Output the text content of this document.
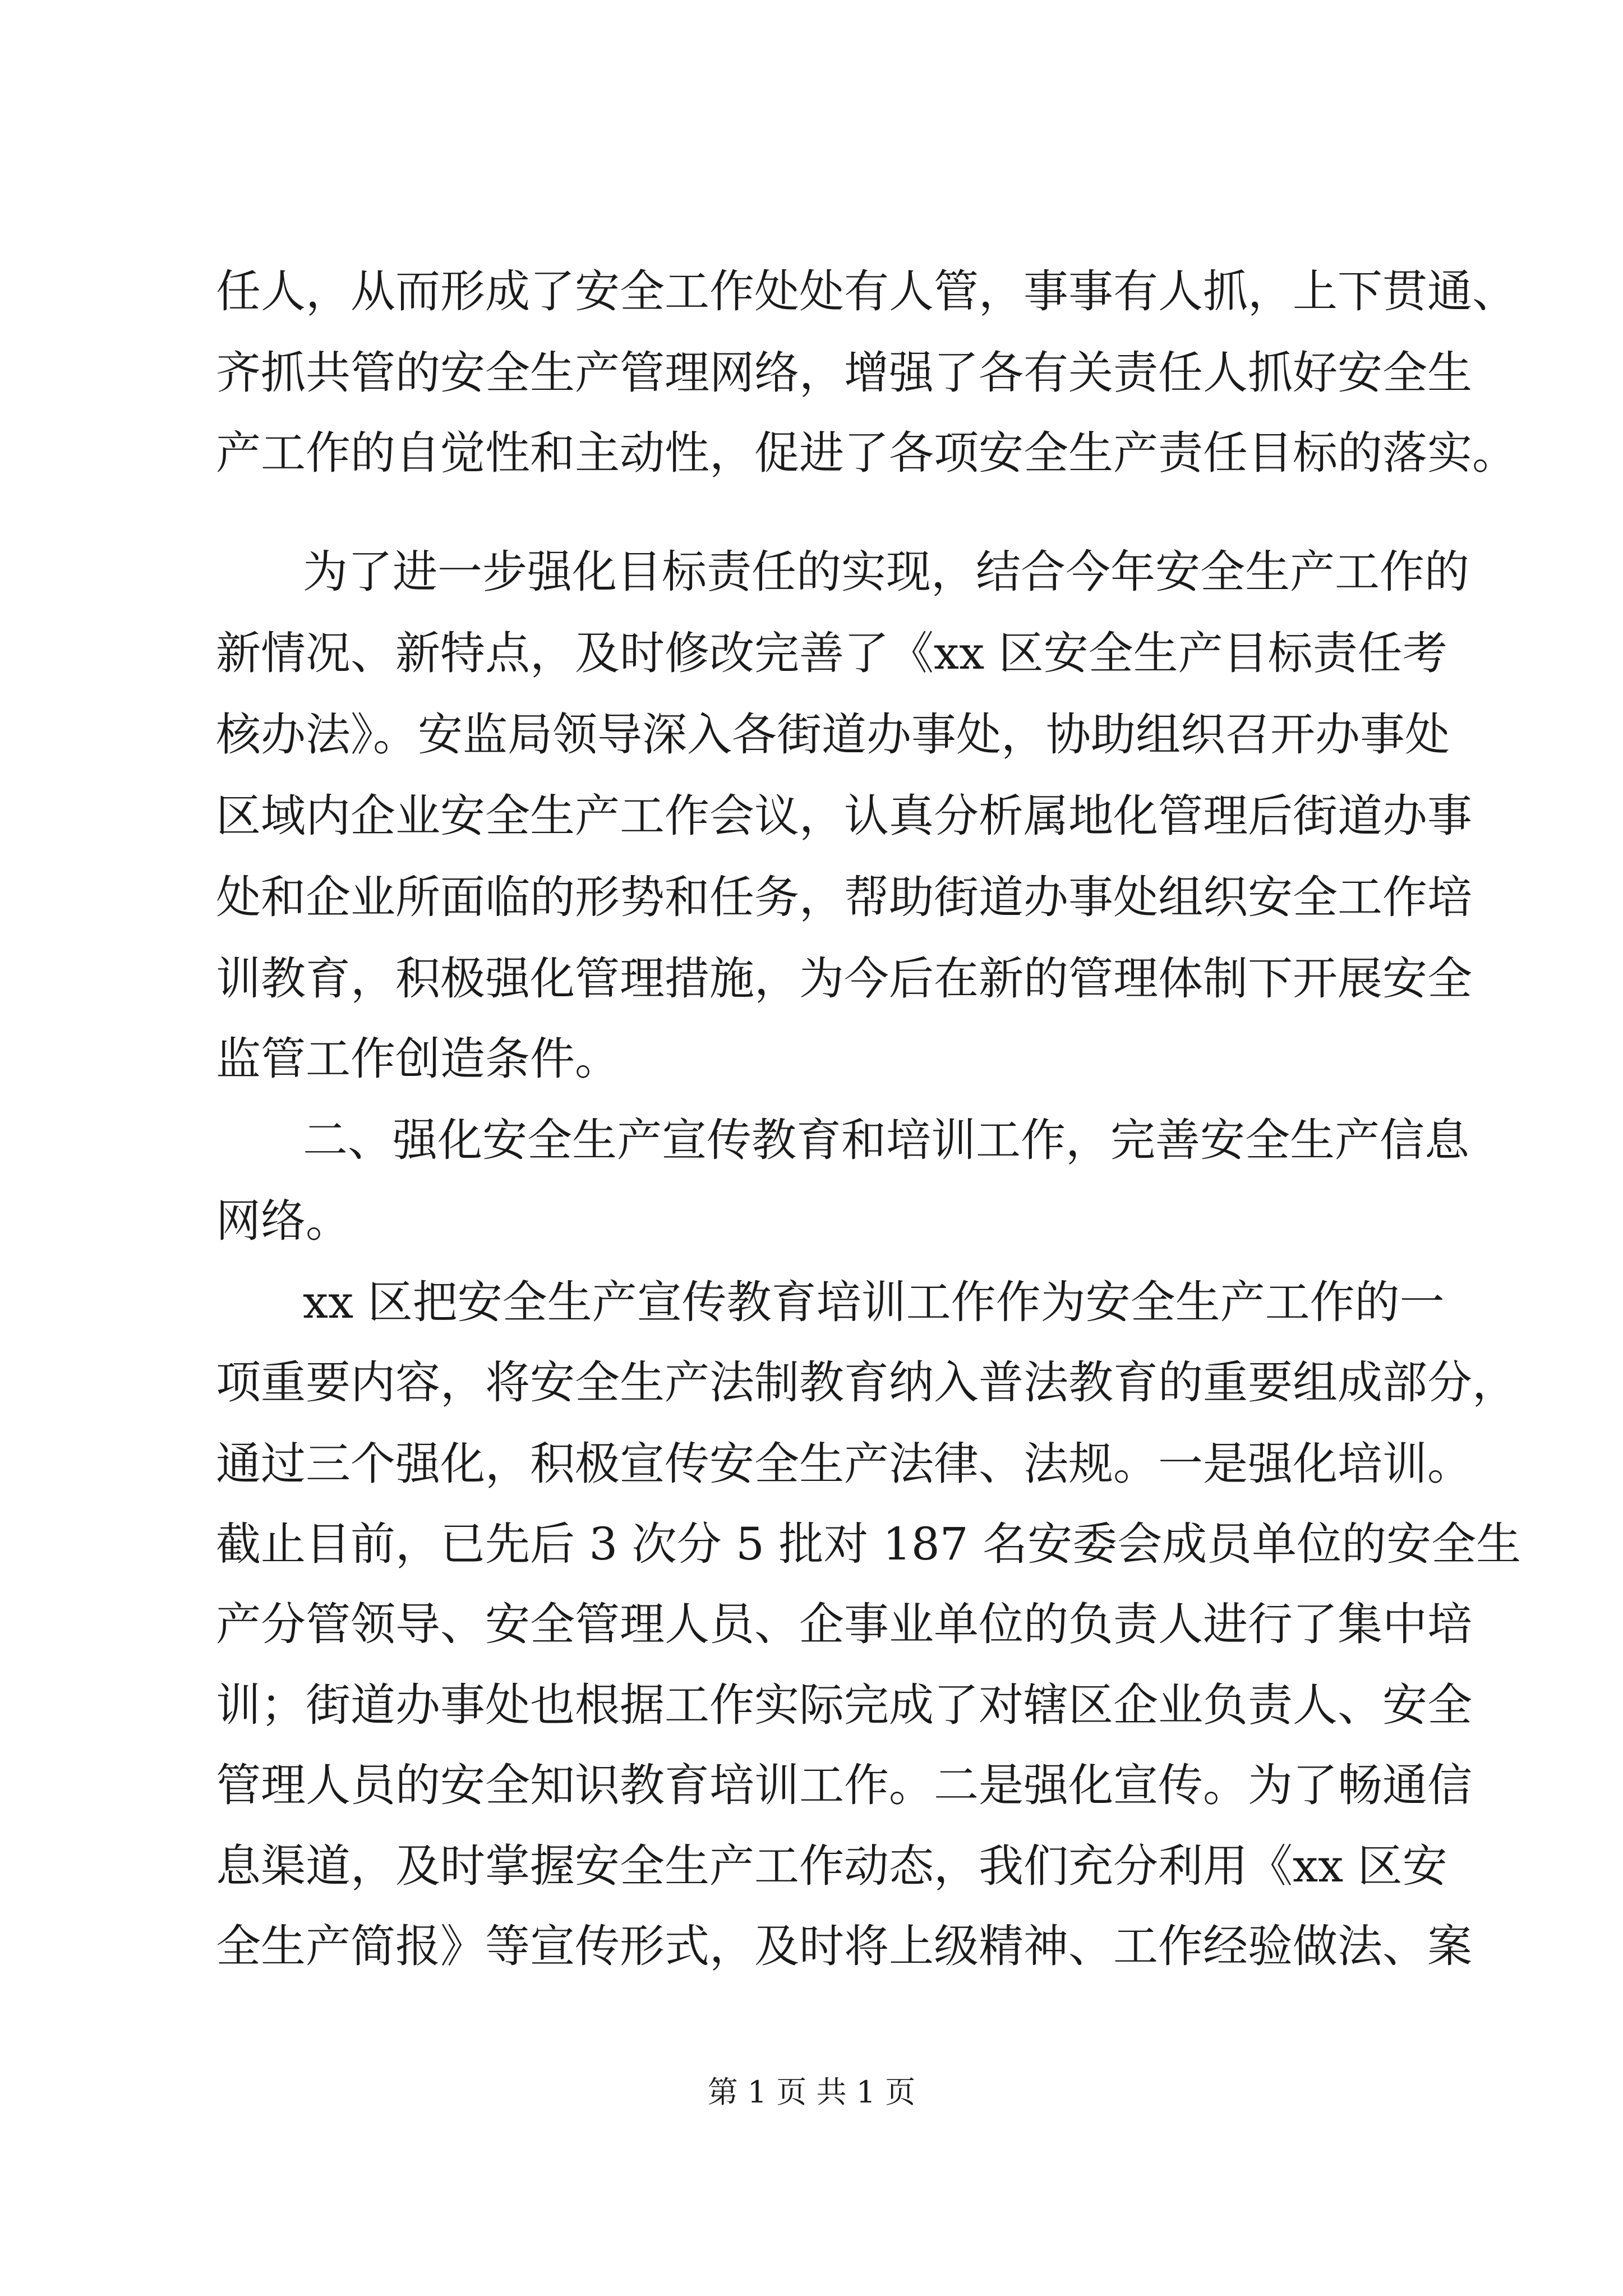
任人，从而形成了安全工作处处有人管，事事有人抓，上下贯通、
齐抓共管的安全生产管理网络，增强了各有关责任人抓好安全生
产工作的自觉性和主动性，促进了各项安全生产责任目标的落实。
为了进一步强化目标责任的实现，结合今年安全生产工作的
新情况、新特点，及时修改完善了《xx 区安全生产目标责任考
核办法》。安监局领导深入各街道办事处，协助组织召开办事处
区域内企业安全生产工作会议，认真分析属地化管理后街道办事
处和企业所面临的形势和任务，帮助街道办事处组织安全工作培
训教育，积极强化管理措施，为今后在新的管理体制下开展安全
监管工作创造条件。
二、强化安全生产宣传教育和培训工作，完善安全生产信息
网络。
xx 区把安全生产宣传教育培训工作作为安全生产工作的一
项重要内容，将安全生产法制教育纳入普法教育的重要组成部分，
通过三个强化，积极宣传安全生产法律、法规。一是强化培训。
截止目前，已先后 3 次分 5 批对 187 名安委会成员单位的安全生
产分管领导、安全管理人员、企事业单位的负责人进行了集中培
训；街道办事处也根据工作实际完成了对辖区企业负责人、安全
管理人员的安全知识教育培训工作。二是强化宣传。为了畅通信
息渠道，及时掌握安全生产工作动态，我们充分利用《xx 区安
全生产简报》等宣传形式，及时将上级精神、工作经验做法、案
第 1 页 共 1 页
